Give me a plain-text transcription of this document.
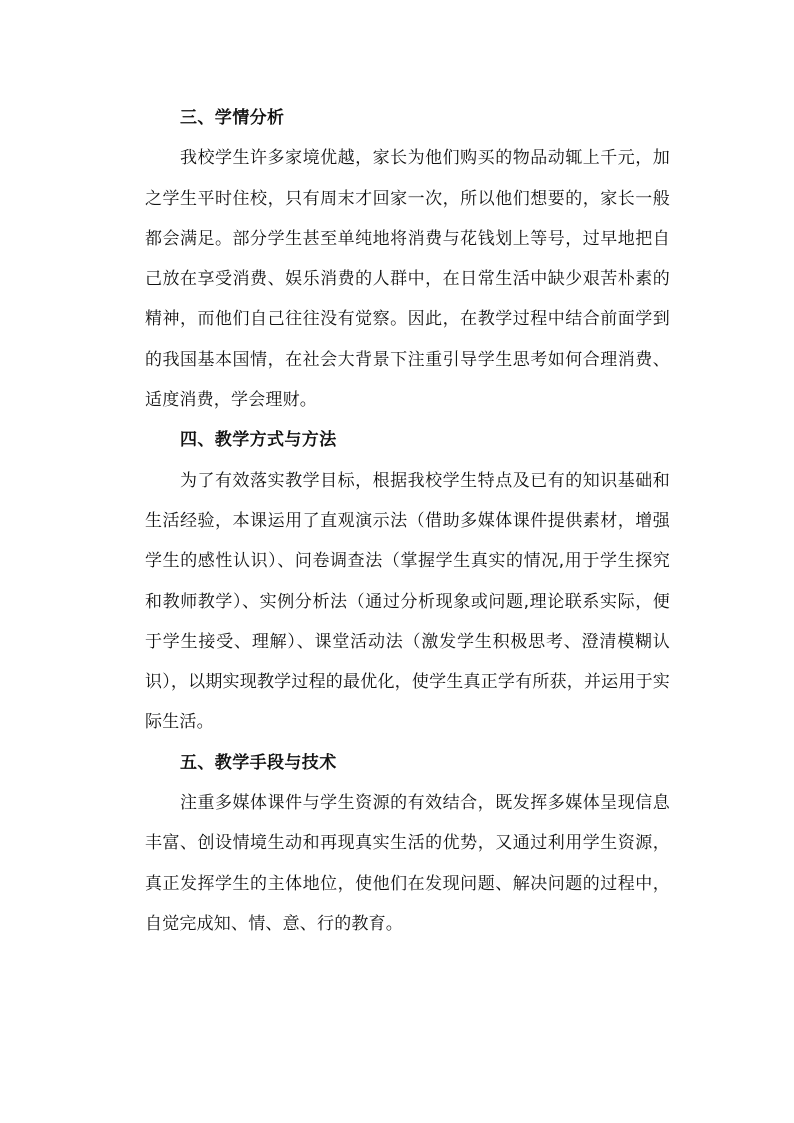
三、学情分析

我校学生许多家境优越，家长为他们购买的物品动辄上千元，加之学生平时住校，只有周末才回家一次，所以他们想要的，家长一般都会满足。部分学生甚至单纯地将消费与花钱划上等号，过早地把自己放在享受消费、娱乐消费的人群中，在日常生活中缺少艰苦朴素的精神，而他们自己往往没有觉察。因此，在教学过程中结合前面学到的我国基本国情，在社会大背景下注重引导学生思考如何合理消费、适度消费，学会理财。

四、教学方式与方法

为了有效落实教学目标，根据我校学生特点及已有的知识基础和生活经验，本课运用了直观演示法（借助多媒体课件提供素材，增强学生的感性认识）、问卷调查法（掌握学生真实的情况,用于学生探究和教师教学）、实例分析法（通过分析现象或问题,理论联系实际，便于学生接受、理解）、课堂活动法（激发学生积极思考、澄清模糊认识），以期实现教学过程的最优化，使学生真正学有所获，并运用于实际生活。

五、教学手段与技术

注重多媒体课件与学生资源的有效结合，既发挥多媒体呈现信息丰富、创设情境生动和再现真实生活的优势，又通过利用学生资源，真正发挥学生的主体地位，使他们在发现问题、解决问题的过程中，自觉完成知、情、意、行的教育。
